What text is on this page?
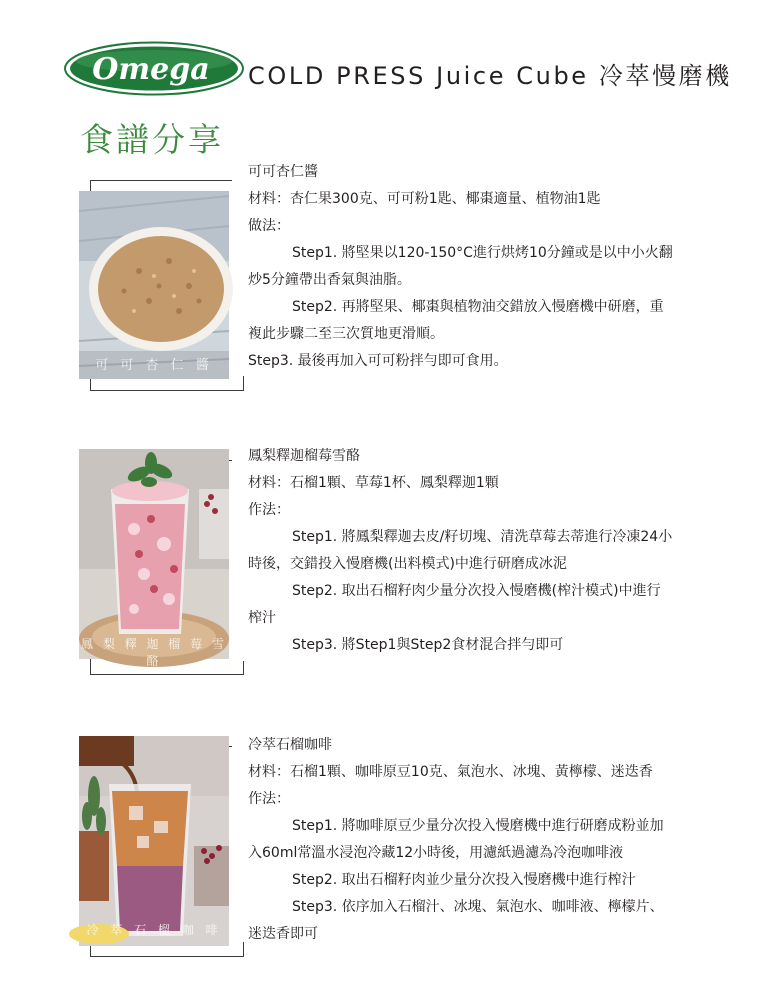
Omega COLD PRESS Juice Cube 冷萃慢磨機
食譜分享
可 可 杏 仁 醬
可可杏仁醬
材料：杏仁果300克、可可粉1匙、椰棗適量、植物油1匙
做法：
Step1. 將堅果以120-150°C進行烘烤10分鐘或是以中小火翻
炒5分鐘帶出香氣與油脂。
Step2. 再將堅果、椰棗與植物油交錯放入慢磨機中研磨，重
複此步驟二至三次質地更滑順。
Step3. 最後再加入可可粉拌勻即可食用。
鳳 梨 釋 迦 榴 莓 雪 酪
鳳梨釋迦榴莓雪酪
材料：石榴1顆、草莓1杯、鳳梨釋迦1顆
作法：
Step1. 將鳳梨釋迦去皮/籽切塊、清洗草莓去蒂進行冷凍24小
時後，交錯投入慢磨機(出料模式)中進行研磨成冰泥
Step2. 取出石榴籽肉少量分次投入慢磨機(榨汁模式)中進行
榨汁
Step3. 將Step1與Step2食材混合拌勻即可
冷 萃 石 榴 咖 啡
冷萃石榴咖啡
材料：石榴1顆、咖啡原豆10克、氣泡水、冰塊、黃檸檬、迷迭香
作法：
Step1. 將咖啡原豆少量分次投入慢磨機中進行研磨成粉並加
入60ml常溫水浸泡冷藏12小時後，用濾紙過濾為冷泡咖啡液
Step2. 取出石榴籽肉並少量分次投入慢磨機中進行榨汁
Step3. 依序加入石榴汁、冰塊、氣泡水、咖啡液、檸檬片、
迷迭香即可
